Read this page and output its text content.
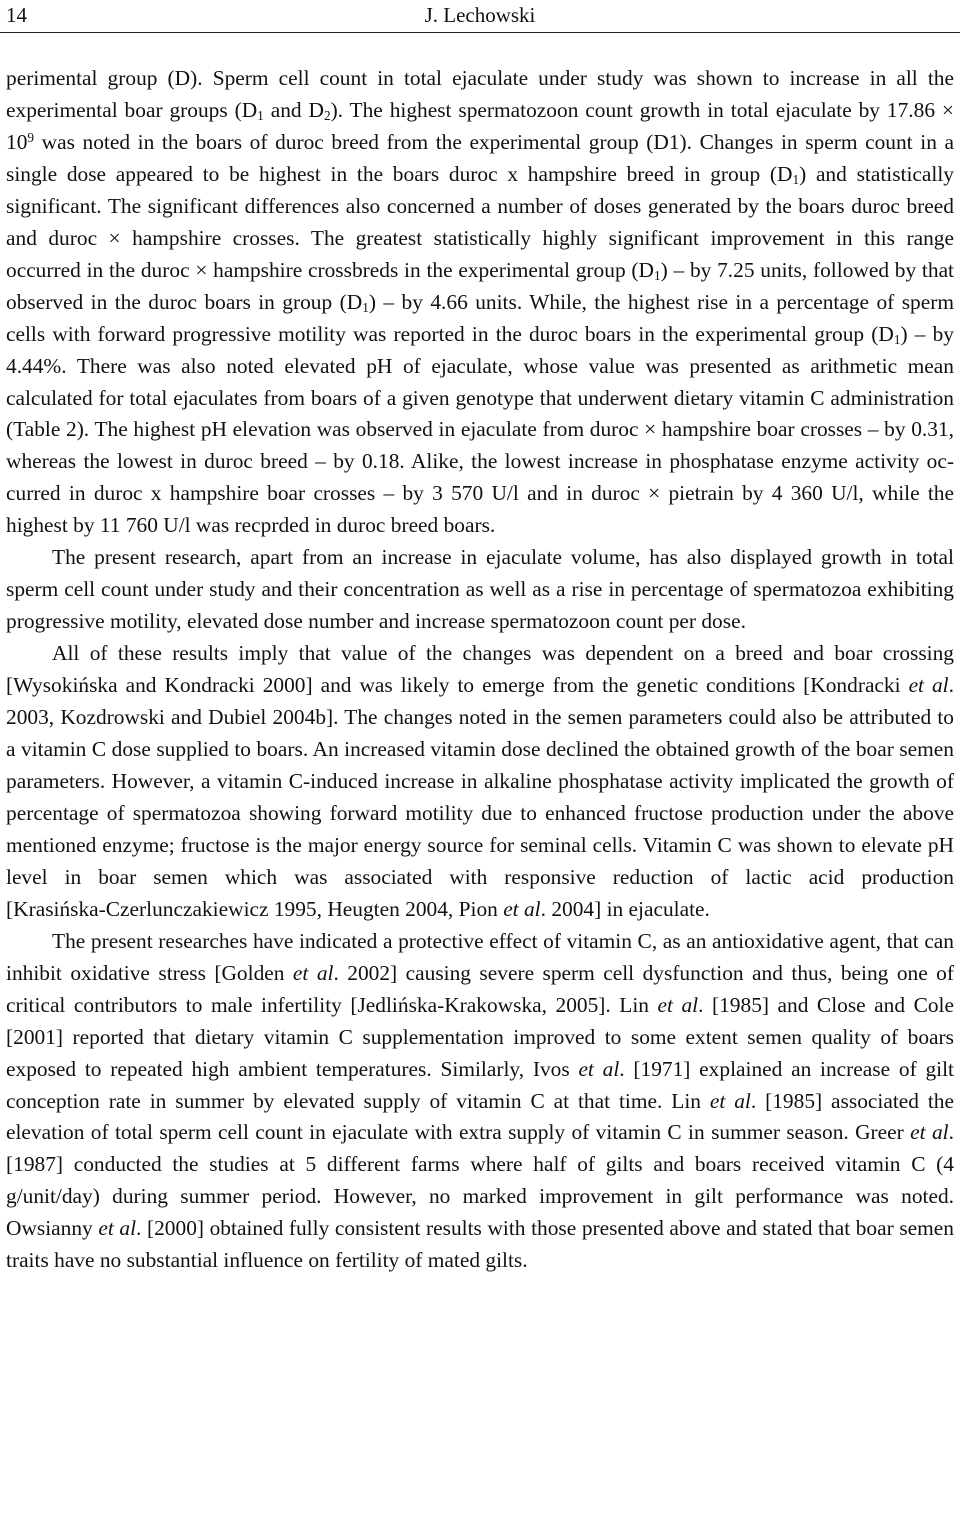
14	J. Lechowski

perimental group (D). Sperm cell count in total ejaculate under study was shown to increase in all the experimental boar groups ($D_1$ and $D_2$). The highest spermatozoon count growth in total ejaculate by $17.86 \times 10^9$ was noted in the boars of duroc breed from the experimental group (D1). Changes in sperm count in a single dose appeared to be highest in the boars duroc x hampshire breed in group $(D_1)$ and statistically significant. The significant differences also concerned a number of doses generated by the boars duroc breed and duroc × hampshire crosses. The greatest statistically highly significant improvement in this range occurred in the duroc × hampshire crossbreds in the experimental group $(D_1)$ – by 7.25 units, followed by that observed in the duroc boars in group $(D_1)$ – by 4.66 units. While, the highest rise in a percentage of sperm cells with forward progressive motility was reported in the duroc boars in the experimental group $(D_1)$ – by 4.44%. There was also noted elevated pH of ejaculate, whose value was presented as arithmetic mean calculated for total ejaculates from boars of a given genotype that underwent dietary vitamin C administration (Table 2). The highest pH elevation was observed in ejaculate from duroc × hampshire boar crosses – by 0.31, whereas the lowest in duroc breed – by 0.18. Alike, the lowest increase in phosphatase enzyme activity occurred in duroc x hampshire boar crosses – by 3 570 U/l and in duroc × pietrain by 4 360 U/l, while the highest by 11 760 U/l was recprded in duroc breed boars.

The present research, apart from an increase in ejaculate volume, has also displayed growth in total sperm cell count under study and their concentration as well as a rise in percentage of spermatozoa exhibiting progressive motility, elevated dose number and increase spermatozoon count per dose.

All of these results imply that value of the changes was dependent on a breed and boar crossing [Wysokińska and Kondracki 2000] and was likely to emerge from the genetic conditions [Kondracki et al. 2003, Kozdrowski and Dubiel 2004b]. The changes noted in the semen parameters could also be attributed to a vitamin C dose supplied to boars. An increased vitamin dose declined the obtained growth of the boar semen parameters. However, a vitamin C-induced increase in alkaline phosphatase activity implicated the growth of percentage of spermatozoa showing forward motility due to enhanced fructose production under the above mentioned enzyme; fructose is the major energy source for seminal cells. Vitamin C was shown to elevate pH level in boar semen which was associated with responsive reduction of lactic acid production [Krasińska‑Czerlunczakiewicz 1995, Heugten 2004, Pion et al. 2004] in ejaculate.

The present researches have indicated a protective effect of vitamin C, as an antioxidative agent, that can inhibit oxidative stress [Golden et al. 2002] causing severe sperm cell dysfunction and thus, being one of critical contributors to male infertility [Jedlińska-Krakowska, 2005]. Lin et al. [1985] and Close and Cole [2001] reported that dietary vitamin C supplementation improved to some extent semen quality of boars exposed to repeated high ambient temperatures. Similarly, Ivos et al. [1971] explained an increase of gilt conception rate in summer by elevated supply of vitamin C at that time. Lin et al. [1985] associated the elevation of total sperm cell count in ejaculate with extra supply of vitamin C in summer season. Greer et al. [1987] conducted the studies at 5 different farms where half of gilts and boars received vitamin C (4 g/unit/day) during summer period. However, no marked improvement in gilt performance was noted. Owsianny et al. [2000] obtained fully consistent results with those presented above and stated that boar semen traits have no substantial influence on fertility of mated gilts.
